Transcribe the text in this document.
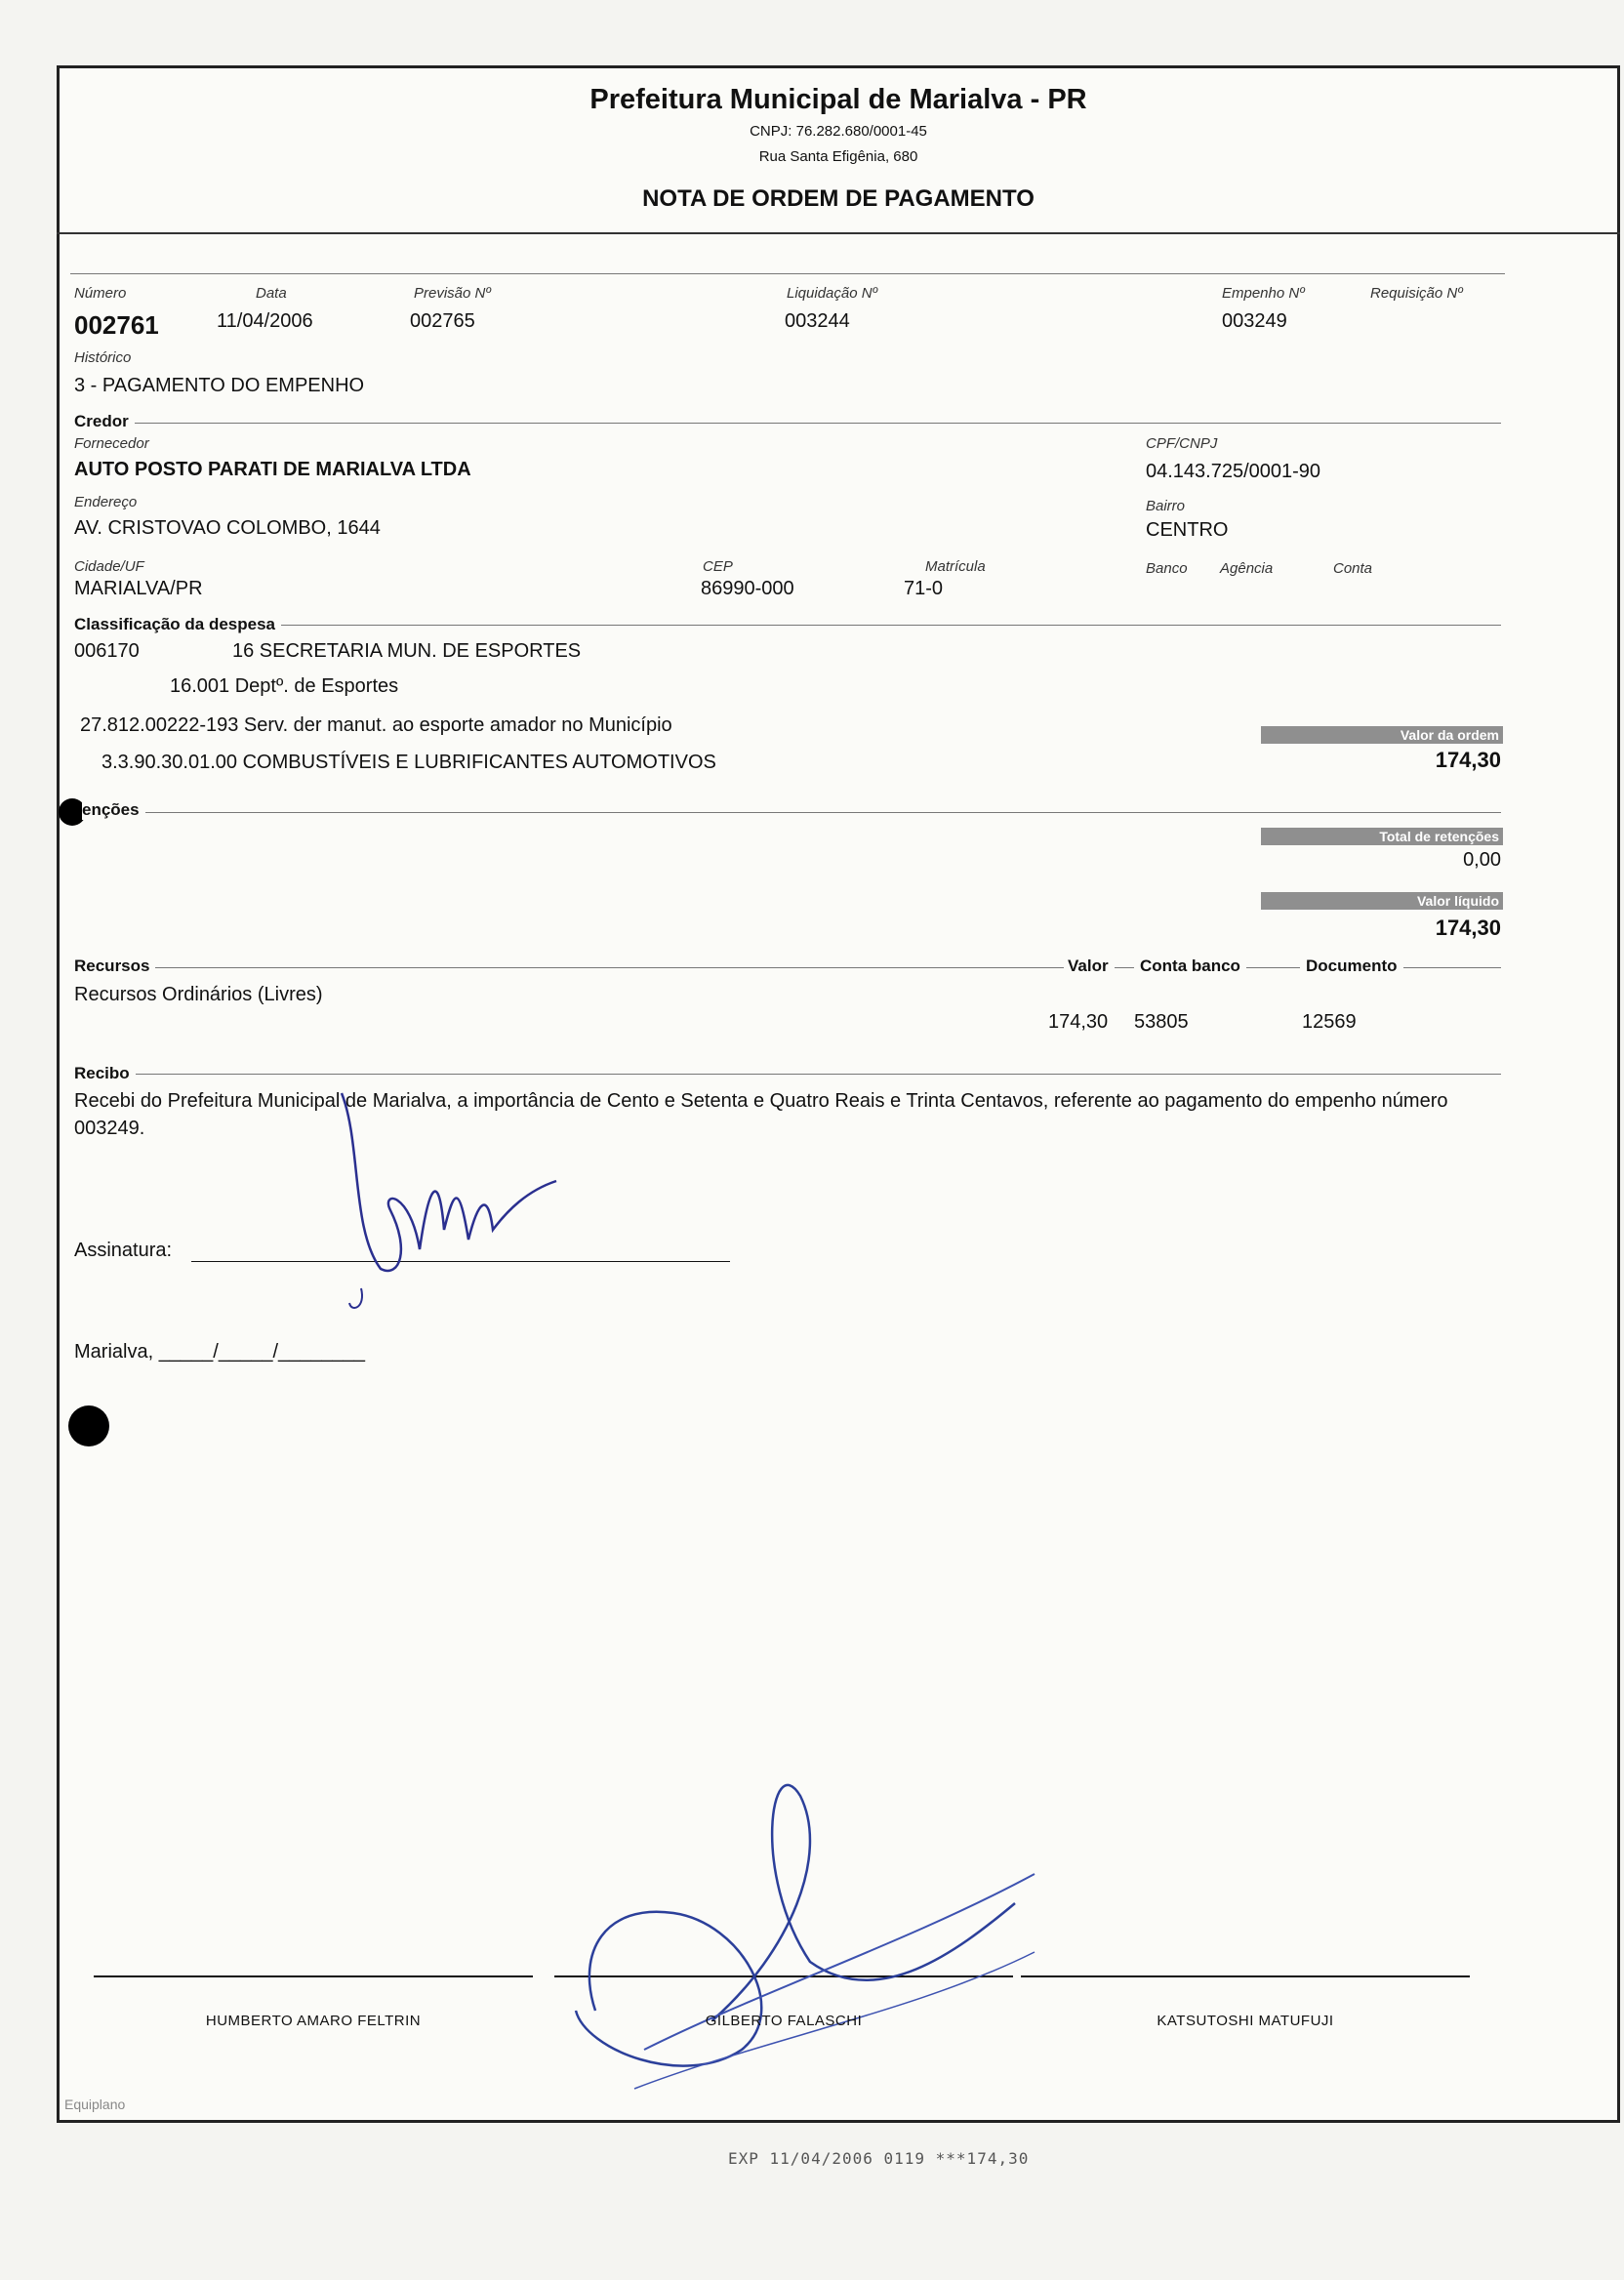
Prefeitura Municipal de Marialva - PR
CNPJ: 76.282.680/0001-45
Rua Santa Efigênia, 680
NOTA DE ORDEM DE PAGAMENTO
Número
002761
Data
11/04/2006
Previsão Nº
002765
Liquidação Nº
003244
Empenho Nº
003249
Requisição Nº
Histórico
3 - PAGAMENTO DO EMPENHO
Credor
Fornecedor
AUTO POSTO PARATI DE MARIALVA LTDA
CPF/CNPJ
04.143.725/0001-90
Endereço
AV. CRISTOVAO COLOMBO, 1644
Bairro
CENTRO
Cidade/UF
MARIALVA/PR
CEP
86990-000
Matrícula
71-0
Banco Agência	Conta
Classificação da despesa
006170	16 SECRETARIA MUN. DE ESPORTES
16.001 Deptº. de Esportes
27.812.00222-193 Serv. der manut. ao esporte amador no Município
3.3.90.30.01.00 COMBUSTÍVEIS E LUBRIFICANTES AUTOMOTIVOS
Valor da ordem
174,30
enções
Total de retenções
0,00
Valor líquido
174,30
Recursos	Valor	Conta banco	Documento
Recursos Ordinários (Livres)
174,30 53805	12569
Recibo
Recebi do Prefeitura Municipal de Marialva, a importância de Cento e Setenta e Quatro Reais e Trinta Centavos, referente ao pagamento do empenho número 003249.
Assinatura:
Marialva, _____/_____/________
HUMBERTO AMARO FELTRIN	GILBERTO FALASCHI	KATSUTOSHI MATUFUJI
Equiplano
EXP 11/04/2006 0119 ***174,30
